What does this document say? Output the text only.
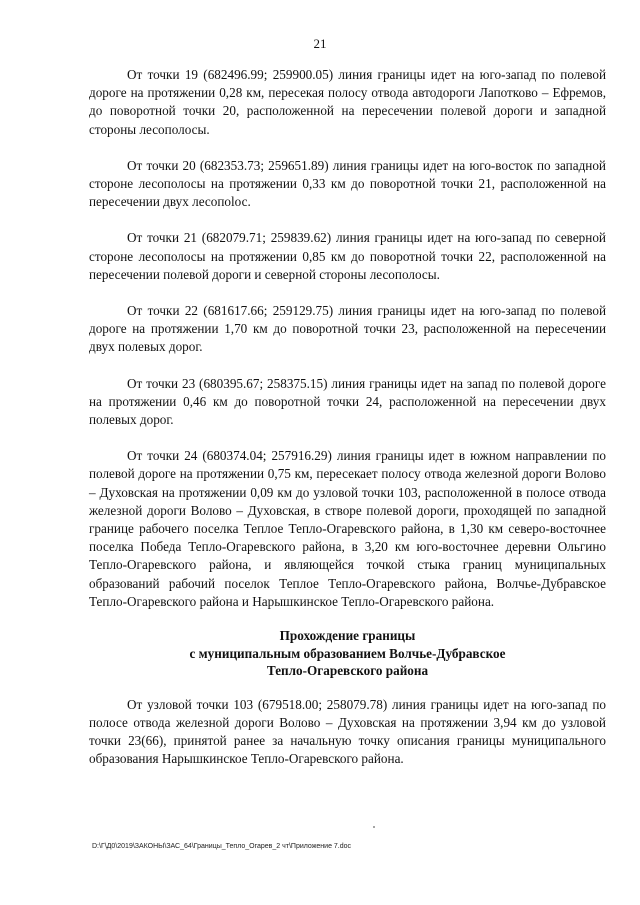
21

От точки 19 (682496.99; 259900.05) линия границы идет на юго-запад по полевой дороге на протяжении 0,28 км, пересекая полосу отвода автодороги Лапотково – Ефремов, до поворотной точки 20, расположенной на пересечении полевой дороги и западной стороны лесополосы.

От точки 20 (682353.73; 259651.89) линия границы идет на юго-восток по западной стороне лесополосы на протяжении 0,33 км до поворотной точки 21, расположенной на пересечении двух лесопolос.

От точки 21 (682079.71; 259839.62) линия границы идет на юго-запад по северной стороне лесополосы на протяжении 0,85 км до поворотной точки 22, расположенной на пересечении полевой дороги и северной стороны лесополосы.

От точки 22 (681617.66; 259129.75) линия границы идет на юго-запад по полевой дороге на протяжении 1,70 км до поворотной точки 23, расположенной на пересечении двух полевых дорог.

От точки 23 (680395.67; 258375.15) линия границы идет на запад по полевой дороге на протяжении 0,46 км до поворотной точки 24, расположенной на пересечении двух полевых дорог.

От точки 24 (680374.04; 257916.29) линия границы идет в южном направлении по полевой дороге на протяжении 0,75 км, пересекает полосу отвода железной дороги Волово – Духовская на протяжении 0,09 км до узловой точки 103, расположенной в полосе отвода железной дороги Волово – Духовская, в створе полевой дороги, проходящей по западной границе рабочего поселка Теплое Тепло-Огаревского района, в 1,30 км северо-восточнее поселка Победа Тепло-Огаревского района, в 3,20 км юго-восточнее деревни Ольгино Тепло-Огаревского района, и являющейся точкой стыка границ муниципальных образований рабочий поселок Теплое Тепло-Огаревского района, Волчье-Дубравское Тепло-Огаревского района и Нарышкинское Тепло-Огаревского района.

Прохождение границы
с муниципальным образованием Волчье-Дубравское
Тепло-Огаревского района

От узловой точки 103 (679518.00; 258079.78) линия границы идет на юго-запад по полосе отвода железной дороги Волово – Духовская на протяжении 3,94 км до узловой точки 23(66), принятой ранее за начальную точку описания границы муниципального образования Нарышкинское Тепло-Огаревского района.

D:\Г\Д0\2019\ЗАКОНЫ\ЗАС_64\Границы_Тепло_Огарев_2 чт\Приложение 7.doc
